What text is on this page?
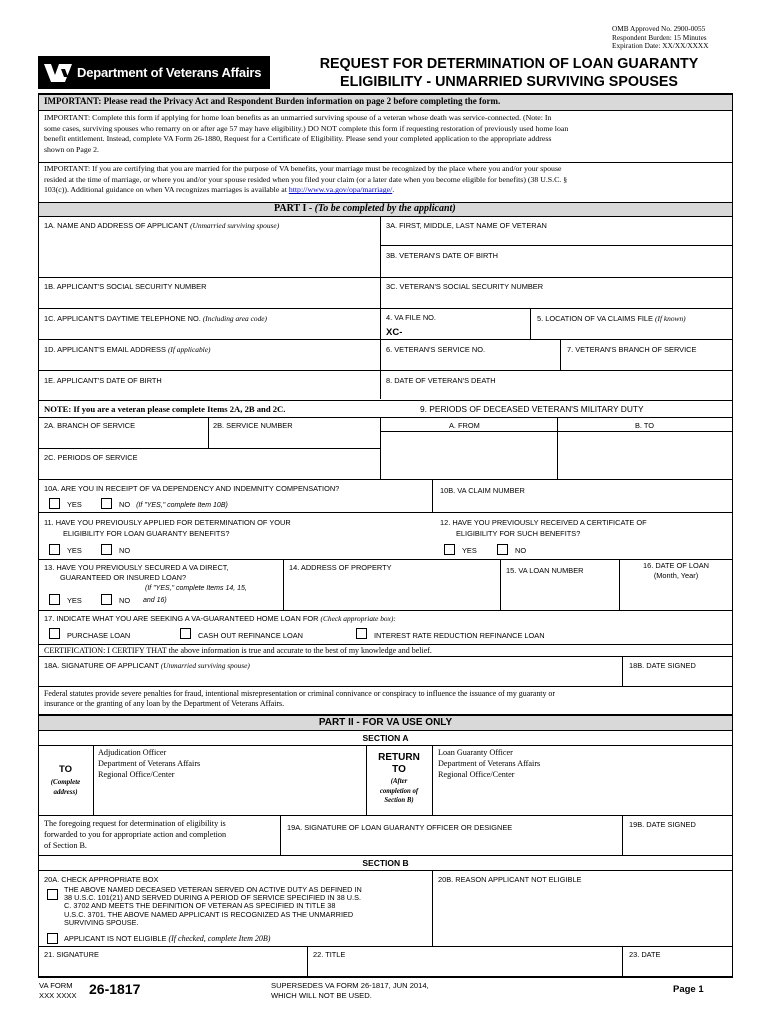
OMB Approved No. 2900-0055
Respondent Burden: 15 Minutes
Expiration Date: XX/XX/XXXX
Department of Veterans Affairs
REQUEST FOR DETERMINATION OF LOAN GUARANTY
ELIGIBILITY - UNMARRIED SURVIVING SPOUSES
IMPORTANT: Please read the Privacy Act and Respondent Burden information on page 2 before completing the form.
IMPORTANT: Complete this form if applying for home loan benefits as an unmarried surviving spouse of a veteran whose death was service-connected. (Note: In
some cases, surviving spouses who remarry on or after age 57 may have eligibility.) DO NOT complete this form if requesting restoration of previously used home loan
benefit entitlement. Instead, complete VA Form 26-1880, Request for a Certificate of Eligibility. Please send your completed application to the appropriate address
shown on Page 2.
IMPORTANT: If you are certifying that you are married for the purpose of VA benefits, your marriage must be recognized by the place where you and/or your spouse
resided at the time of marriage, or where you and/or your spouse resided when you filed your claim (or a later date when you become eligible for benefits) (38 U.S.C. §
103(c)). Additional guidance on when VA recognizes marriages is available at http://www.va.gov/opa/marriage/.
PART I - (To be completed by the applicant)
1A. NAME AND ADDRESS OF APPLICANT (Unmarried surviving spouse)	3A. FIRST, MIDDLE, LAST NAME OF VETERAN
3B. VETERAN'S DATE OF BIRTH
1B. APPLICANT'S SOCIAL SECURITY NUMBER	3C. VETERAN'S SOCIAL SECURITY NUMBER
1C. APPLICANT'S DAYTIME TELEPHONE NO. (Including area code)	4. VA FILE NO.
XC-
5. LOCATION OF VA CLAIMS FILE (If known)
1D. APPLICANT'S EMAIL ADDRESS (If applicable)	6. VETERAN'S SERVICE NO.	7. VETERAN'S BRANCH OF SERVICE
1E. APPLICANT'S DATE OF BIRTH	8. DATE OF VETERAN'S DEATH
NOTE: If you are a veteran please complete Items 2A, 2B and 2C.	9. PERIODS OF DECEASED VETERAN'S MILITARY DUTY
2A. BRANCH OF SERVICE	2B. SERVICE NUMBER	A. FROM	B. TO
2C. PERIODS OF SERVICE
10A. ARE YOU IN RECEIPT OF VA DEPENDENCY AND INDEMNITY COMPENSATION?
YES	NO (If "YES," complete Item 10B)
10B. VA CLAIM NUMBER
11. HAVE YOU PREVIOUSLY APPLIED FOR DETERMINATION OF YOUR
ELIGIBILITY FOR LOAN GUARANTY BENEFITS?
YES	NO
12. HAVE YOU PREVIOUSLY RECEIVED A CERTIFICATE OF
ELIGIBILITY FOR SUCH BENEFITS?
YES	NO
13. HAVE YOU PREVIOUSLY SECURED A VA DIRECT,
GUARANTEED OR INSURED LOAN?
(If "YES," complete Items 14, 15,
YES	NO and 16)
14. ADDRESS OF PROPERTY	15. VA LOAN NUMBER
16. DATE OF LOAN
(Month, Year)
17. INDICATE WHAT YOU ARE SEEKING A VA-GUARANTEED HOME LOAN FOR (Check appropriate box):
PURCHASE LOAN	CASH OUT REFINANCE LOAN	INTEREST RATE REDUCTION REFINANCE LOAN
CERTIFICATION: I CERTIFY THAT the above information is true and accurate to the best of my knowledge and belief.
18A. SIGNATURE OF APPLICANT (Unmarried surviving spouse)	18B. DATE SIGNED
Federal statutes provide severe penalties for fraud, intentional misrepresentation or criminal connivance or conspiracy to influence the issuance of my guaranty or
insurance or the granting of any loan by the Department of Veterans Affairs.
PART II - FOR VA USE ONLY
SECTION A
TO
(Complete
address)
Adjudication Officer
Department of Veterans Affairs
Regional Office/Center
RETURN
TO
(After
completion of
Section B)
Loan Guaranty Officer
Department of Veterans Affairs
Regional Office/Center
The foregoing request for determination of eligibility is
forwarded to you for appropriate action and completion
of Section B.
19A. SIGNATURE OF LOAN GUARANTY OFFICER OR DESIGNEE	19B. DATE SIGNED
SECTION B
20A. CHECK APPROPRIATE BOX
THE ABOVE NAMED DECEASED VETERAN SERVED ON ACTIVE DUTY AS DEFINED IN
38 U.S.C. 101(21) AND SERVED DURING A PERIOD OF SERVICE SPECIFIED IN 38 U.S.
C. 3702 AND MEETS THE DEFINITION OF VETERAN AS SPECIFIED IN TITLE 38
U.S.C. 3701. THE ABOVE NAMED APPLICANT IS RECOGNIZED AS THE UNMARRIED
SURVIVING SPOUSE.
APPLICANT IS NOT ELIGIBLE (If checked, complete Item 20B)
20B. REASON APPLICANT NOT ELIGIBLE
21. SIGNATURE	22. TITLE	23. DATE
VA FORM
XXX XXXX 26-1817	SUPERSEDES VA FORM 26-1817, JUN 2014,
WHICH WILL NOT BE USED.	Page 1
